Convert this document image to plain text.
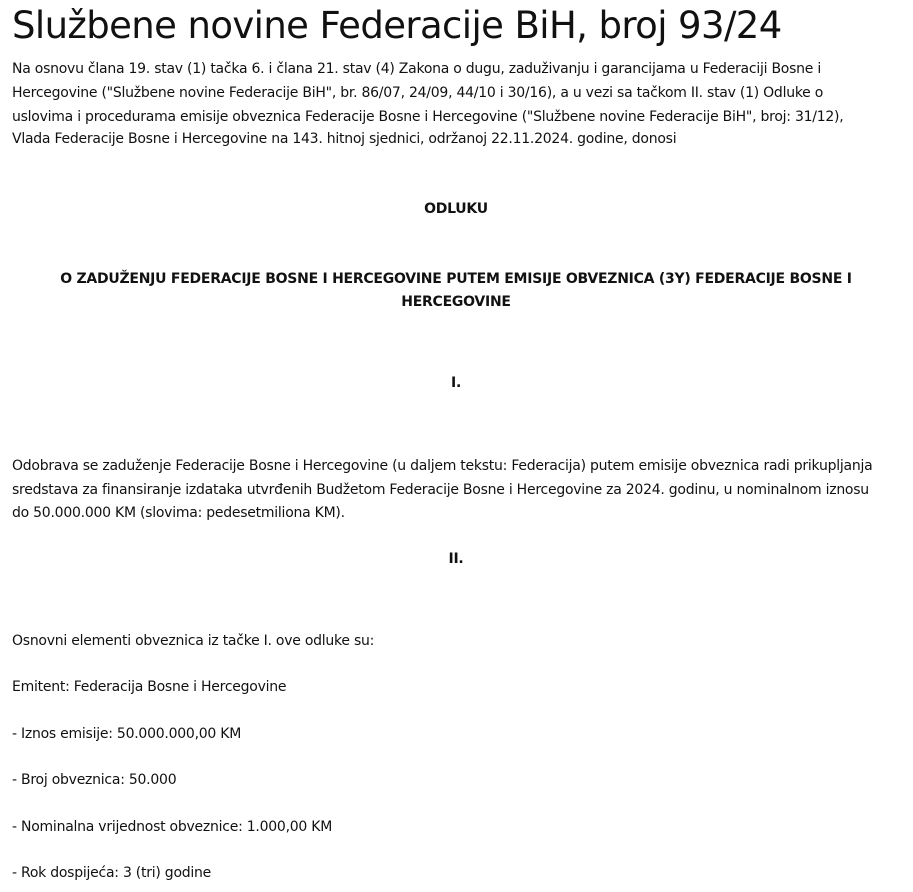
Službene novine Federacije BiH, broj 93/24

Na osnovu člana 19. stav (1) tačka 6. i člana 21. stav (4) Zakona o dugu, zaduživanju i garancijama u Federaciji Bosne i

Hercegovine ("Službene novine Federacije BiH", br. 86/07, 24/09, 44/10 i 30/16), a u vezi sa tačkom II. stav (1) Odluke o

uslovima i procedurama emisije obveznica Federacije Bosne i Hercegovine ("Službene novine Federacije BiH", broj: 31/12),

Vlada Federacije Bosne i Hercegovine na 143. hitnoj sjednici, održanoj 22.11.2024. godine, donosi

ODLUKU

O ZADUŽENJU FEDERACIJE BOSNE I HERCEGOVINE PUTEM EMISIJE OBVEZNICA (3Y) FEDERACIJE BOSNE I

HERCEGOVINE

I.

Odobrava se zaduženje Federacije Bosne i Hercegovine (u daljem tekstu: Federacija) putem emisije obveznica radi prikupljanja

sredstava za finansiranje izdataka utvrđenih Budžetom Federacije Bosne i Hercegovine za 2024. godinu, u nominalnom iznosu

do 50.000.000 KM (slovima: pedesetmiliona KM).

II.

Osnovni elementi obveznica iz tačke I. ove odluke su:

Emitent: Federacija Bosne i Hercegovine

- Iznos emisije: 50.000.000,00 KM

- Broj obveznica: 50.000

- Nominalna vrijednost obveznice: 1.000,00 KM

- Rok dospijeća: 3 (tri) godine
